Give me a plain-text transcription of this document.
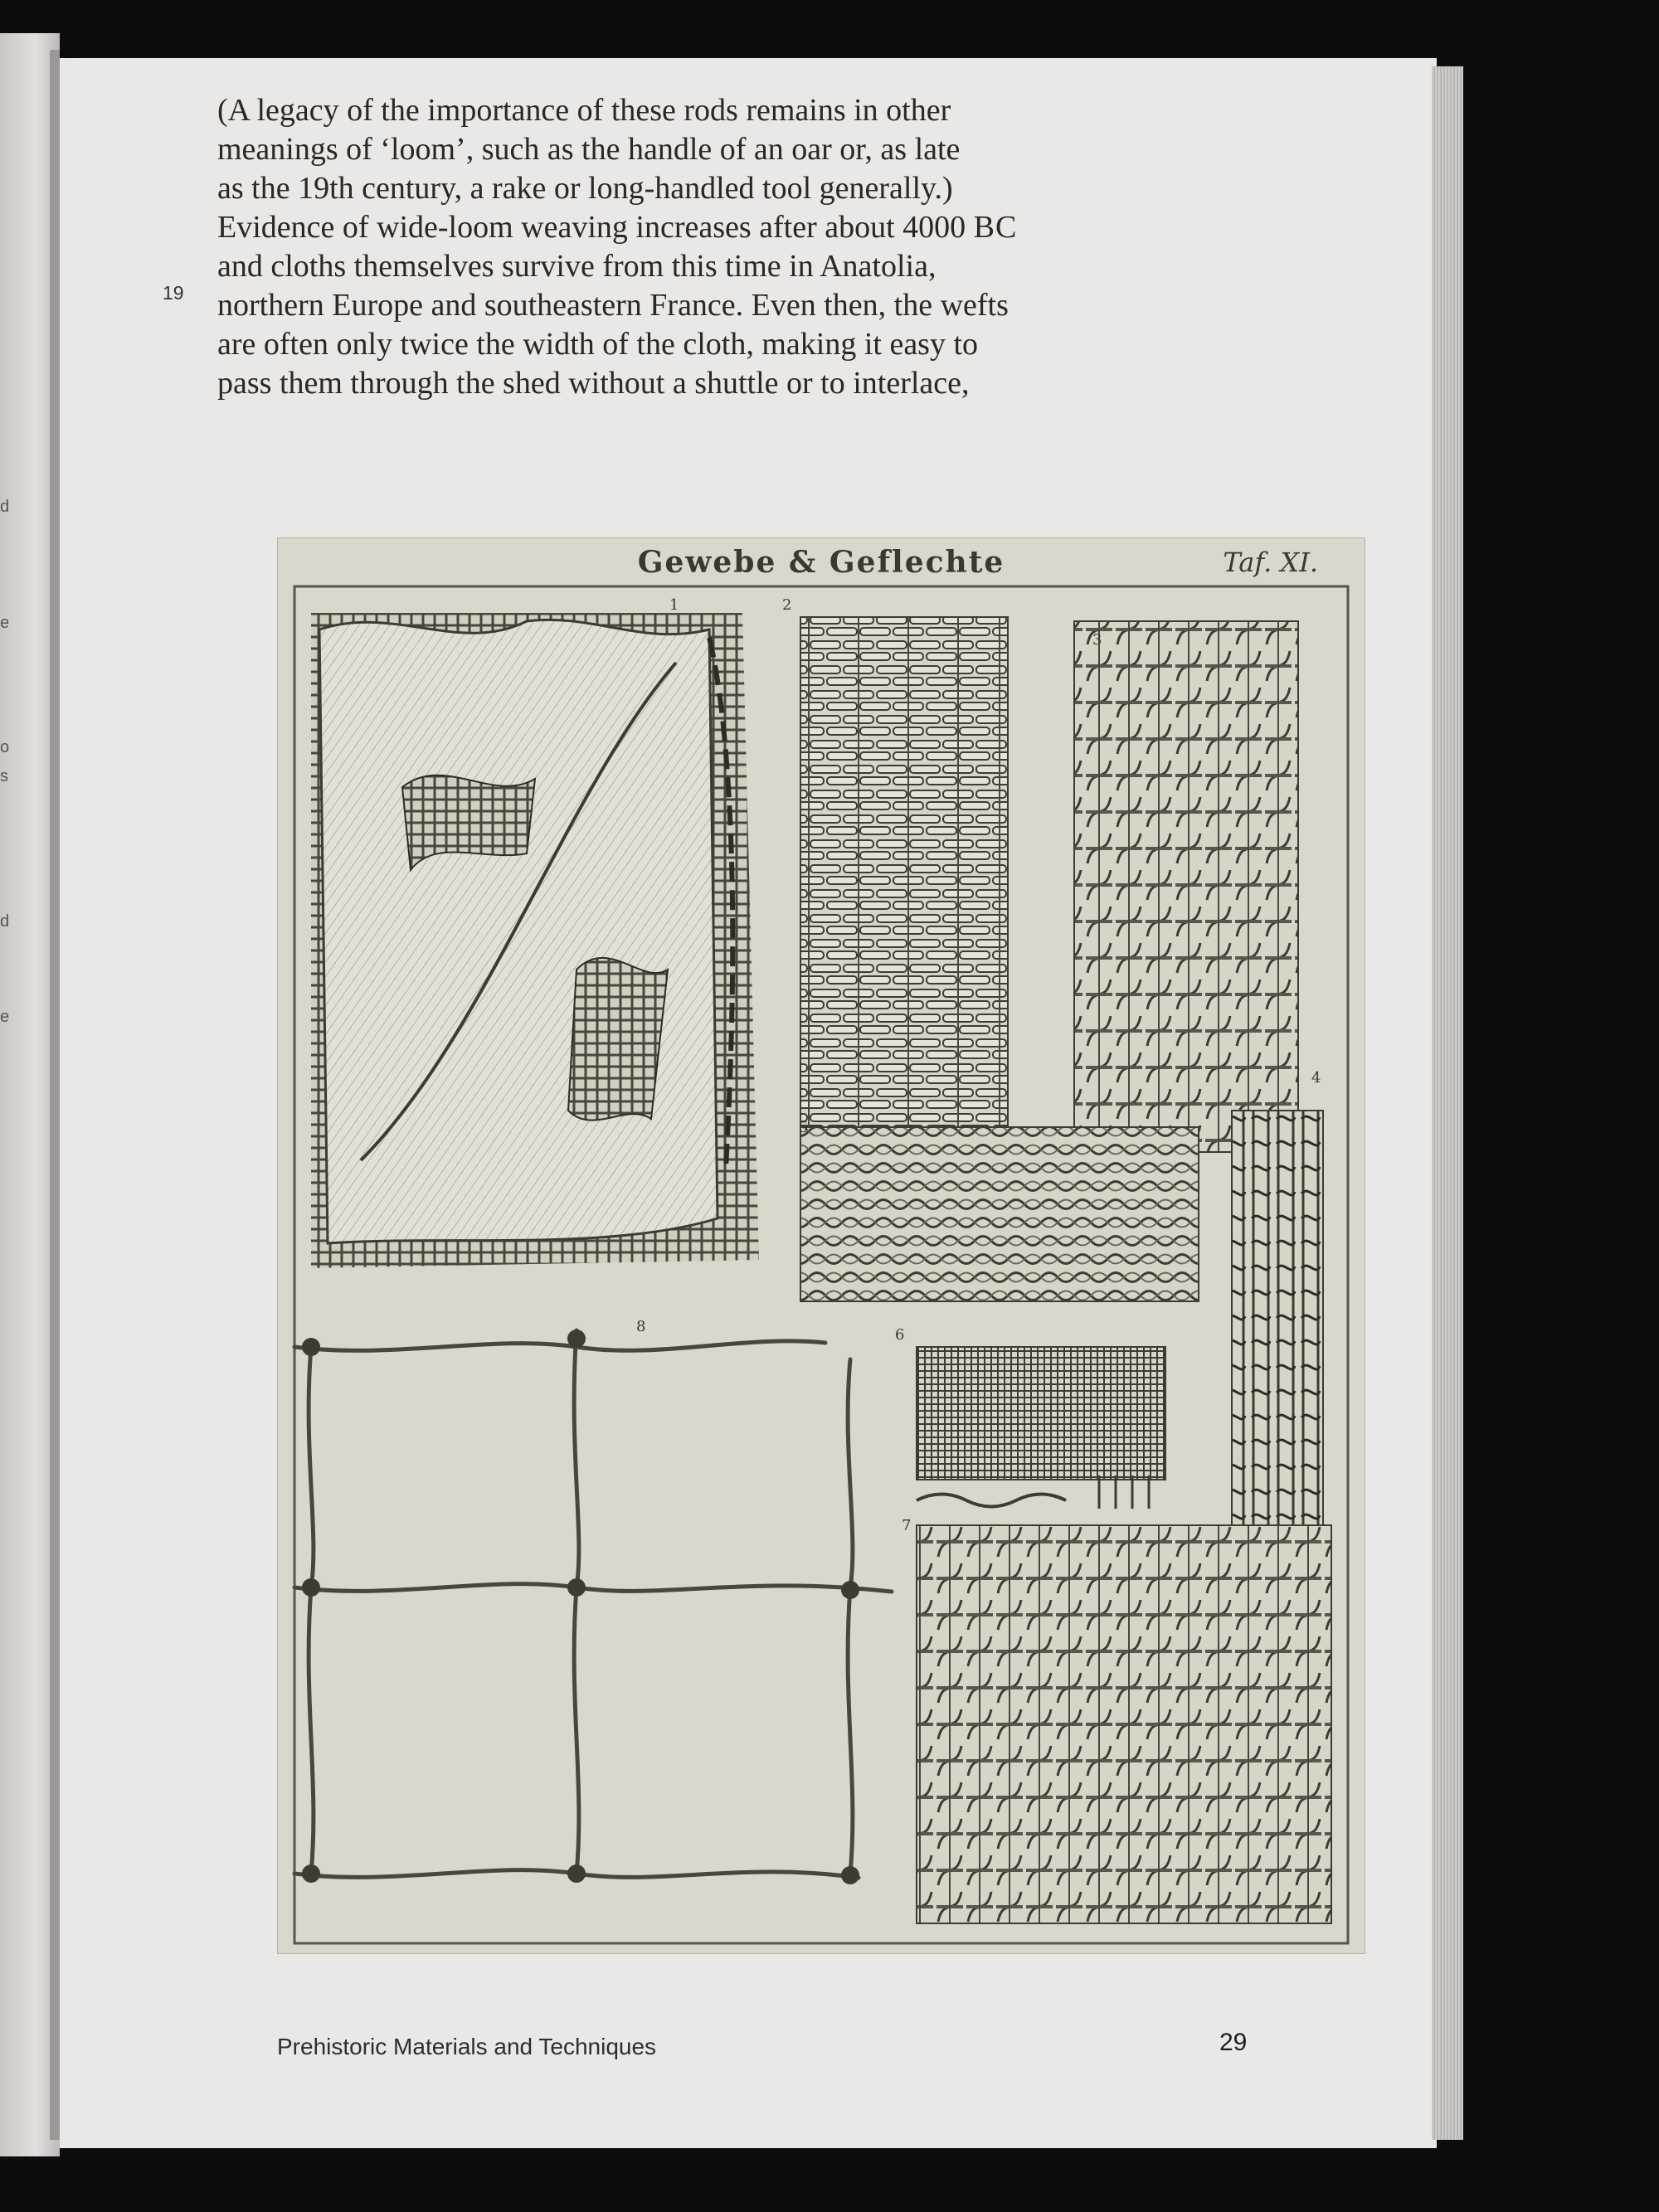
d
e
o
s
d
e
19
(A legacy of the importance of these rods remains in other
meanings of ‘loom’, such as the handle of an oar or, as late
as the 19th century, a rake or long-handled tool generally.)
Evidence of wide-loom weaving increases after about 4000 BC
and cloths themselves survive from this time in Anatolia,
northern Europe and southeastern France. Even then, the wefts
are often only twice the width of the cloth, making it easy to
pass them through the shed without a shuttle or to interlace,
Gewebe & Geflechte	Taf. XI.
1	2
3
4
5
6
7
8
Prehistoric Materials and Techniques	29
